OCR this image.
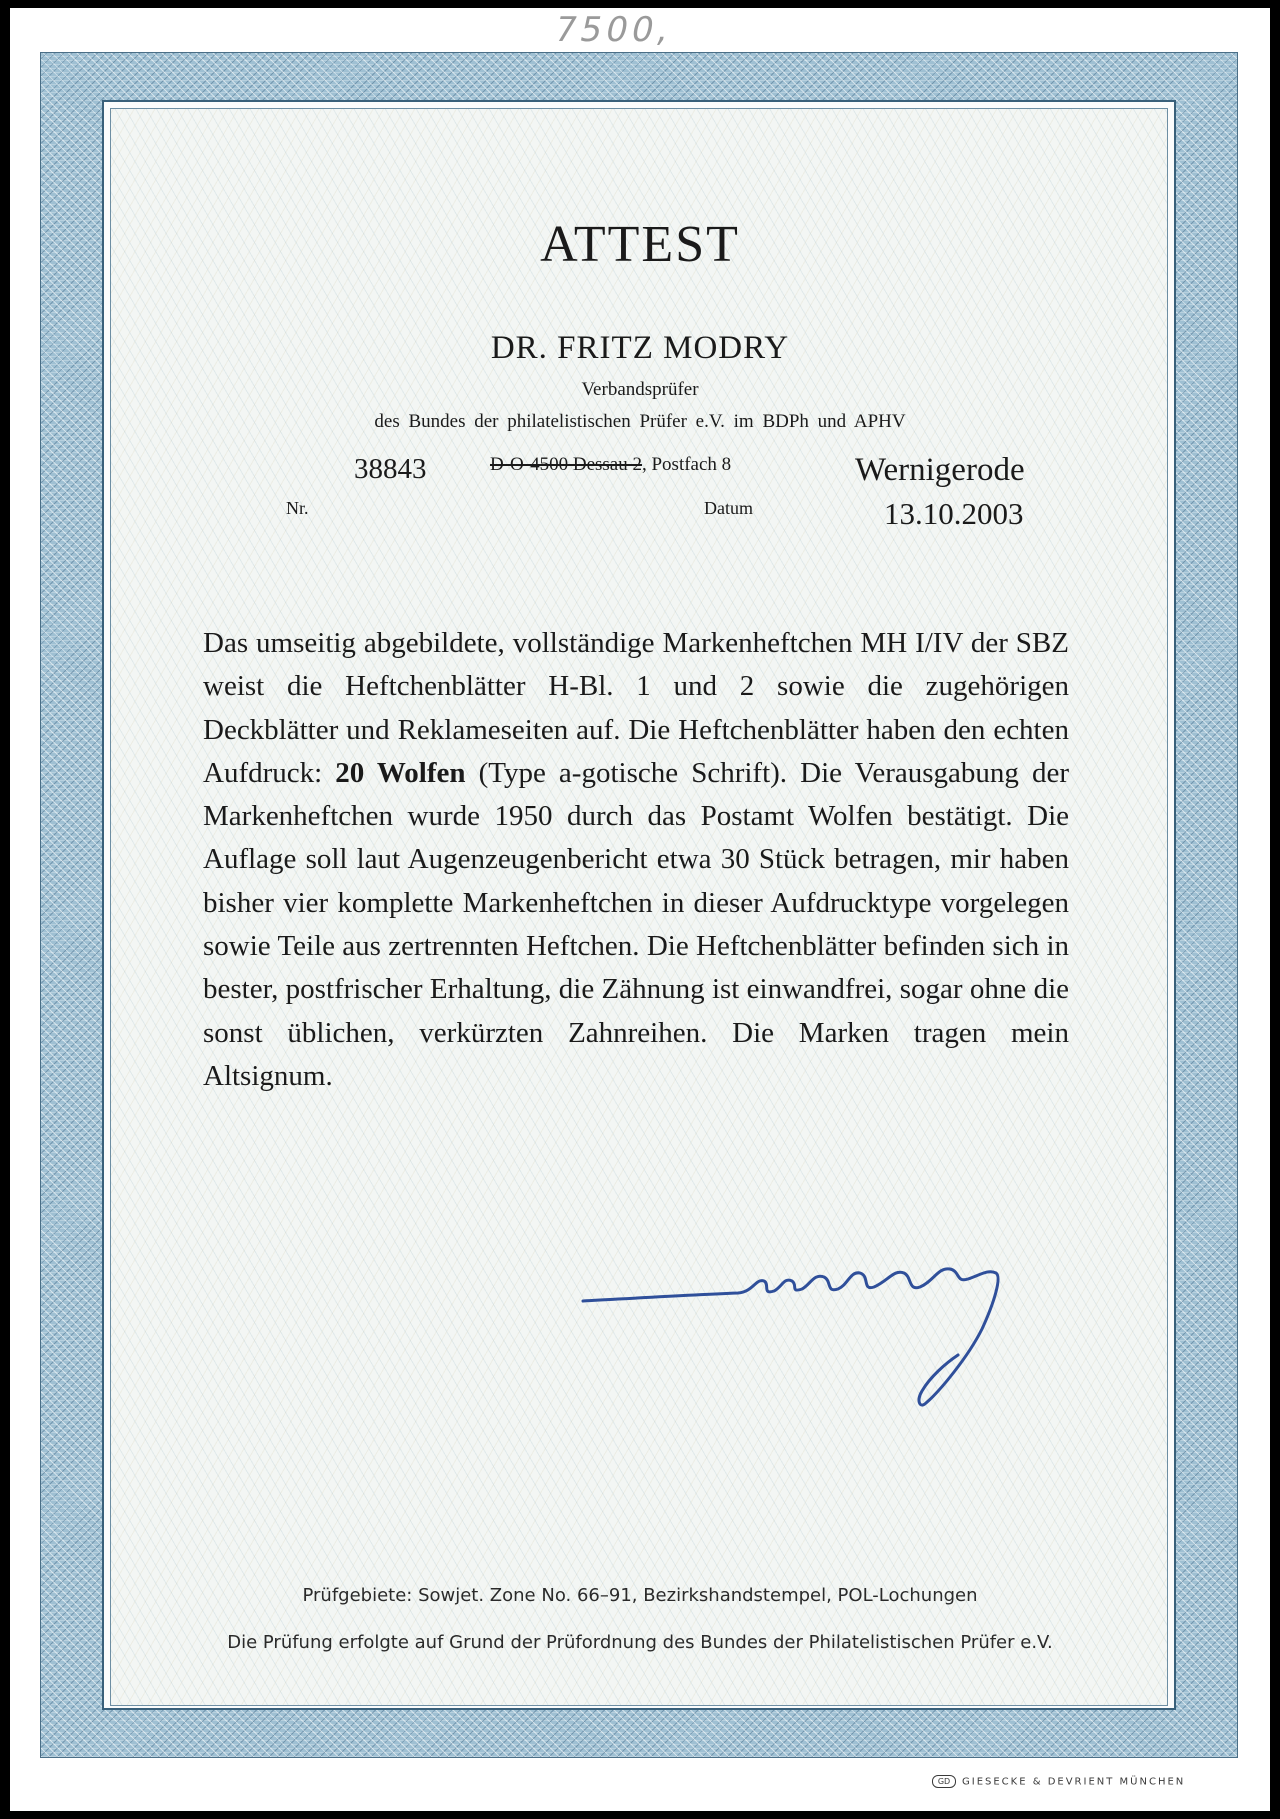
7500,
ATTEST
DR. FRITZ MODRY
Verbandsprüfer
des Bundes der philatelistischen Prüfer e.V. im BDPh und APHV
38843	D-O-4500 Dessau 2, Postfach 8	Wernigerode
Nr.	Datum	13.10.2003
Das umseitig abgebildete, vollständige Markenheftchen MH I/IV der SBZ weist die Heftchenblätter H-Bl. 1 und 2 sowie die zugehörigen Deckblätter und Reklameseiten auf. Die Heftchenblätter haben den echten Aufdruck: 20 Wolfen (Type a-gotische Schrift). Die Verausgabung der Markenheftchen wurde 1950 durch das Postamt Wolfen bestätigt. Die Auflage soll laut Augenzeugenbericht etwa 30 Stück betragen, mir haben bisher vier komplette Markenheftchen in dieser Aufdrucktype vorgelegen sowie Teile aus zertrennten Heftchen. Die Heftchenblätter befinden sich in bester, postfrischer Erhaltung, die Zähnung ist einwandfrei, sogar ohne die sonst üblichen, verkürzten Zahnreihen. Die Marken tragen mein Altsignum.
Prüfgebiete: Sowjet. Zone No. 66–91, Bezirkshandstempel, POL-Lochungen
Die Prüfung erfolgte auf Grund der Prüfordnung des Bundes der Philatelistischen Prüfer e.V.
GD GIESECKE & DEVRIENT MÜNCHEN
